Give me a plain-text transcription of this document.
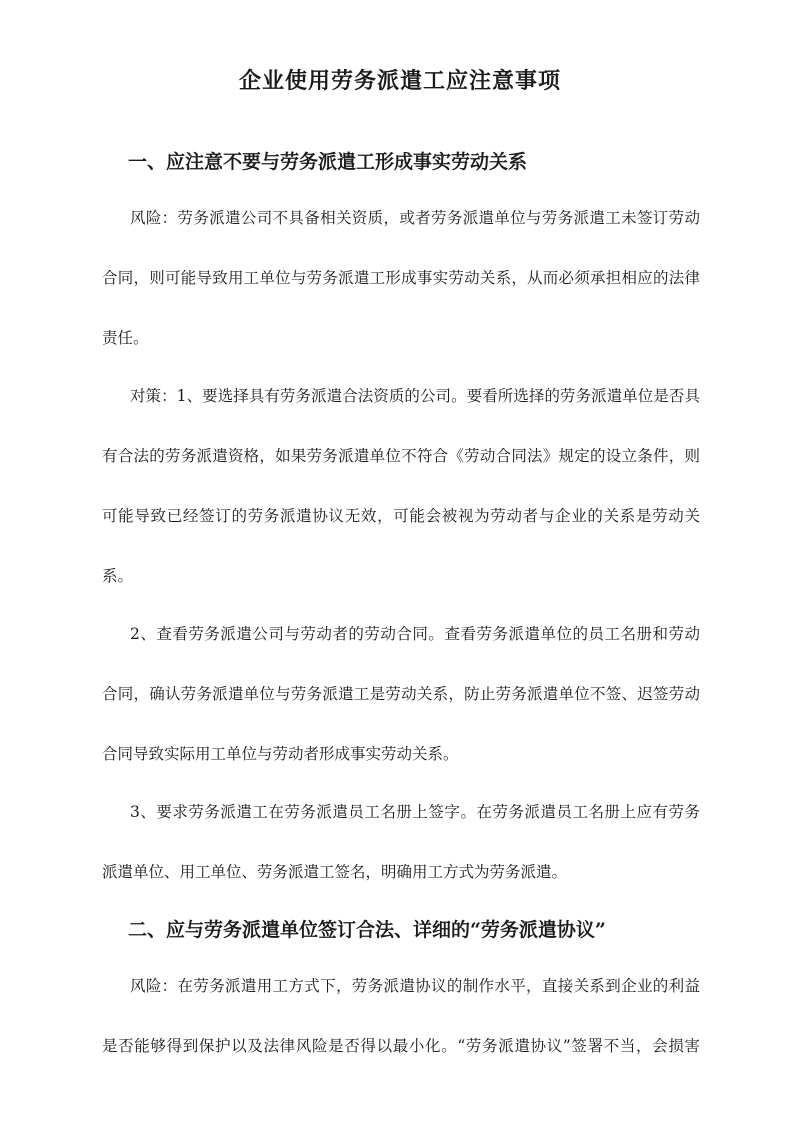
企业使用劳务派遣工应注意事项
一、应注意不要与劳务派遣工形成事实劳动关系
风险：劳务派遣公司不具备相关资质，或者劳务派遣单位与劳务派遣工未签订劳动
合同，则可能导致用工单位与劳务派遣工形成事实劳动关系，从而必须承担相应的法律
责任。
对策：1、要选择具有劳务派遣合法资质的公司。要看所选择的劳务派遣单位是否具
有合法的劳务派遣资格，如果劳务派遣单位不符合《劳动合同法》规定的设立条件，则
可能导致已经签订的劳务派遣协议无效，可能会被视为劳动者与企业的关系是劳动关
系。
2、查看劳务派遣公司与劳动者的劳动合同。查看劳务派遣单位的员工名册和劳动
合同，确认劳务派遣单位与劳务派遣工是劳动关系，防止劳务派遣单位不签、迟签劳动
合同导致实际用工单位与劳动者形成事实劳动关系。
3、要求劳务派遣工在劳务派遣员工名册上签字。在劳务派遣员工名册上应有劳务
派遣单位、用工单位、劳务派遣工签名，明确用工方式为劳务派遣。
二、应与劳务派遣单位签订合法、详细的“劳务派遣协议”
风险：在劳务派遣用工方式下，劳务派遣协议的制作水平，直接关系到企业的利益
是否能够得到保护以及法律风险是否得以最小化。“劳务派遣协议”签署不当，会损害
